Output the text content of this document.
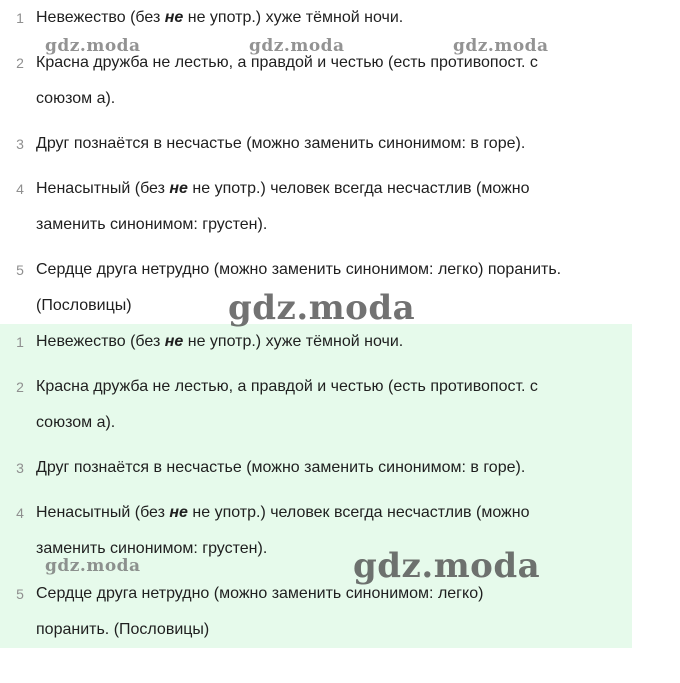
1 Невежество (без не не употр.) хуже тёмной ночи.
2 Красна дружба не лестью, а правдой и честью (есть противопост. с
союзом а).
3 Друг познаётся в несчастье (можно заменить синонимом: в горе).
4 Ненасытный (без не не употр.) человек всегда несчастлив (можно
заменить синонимом: грустен).
5 Сердце друга нетрудно (можно заменить синонимом: легко) поранить.
(Пословицы)
1 Невежество (без не не употр.) хуже тёмной ночи.
2 Красна дружба не лестью, а правдой и честью (есть противопост. с
союзом а).
3 Друг познаётся в несчастье (можно заменить синонимом: в горе).
4 Ненасытный (без не не употр.) человек всегда несчастлив (можно
заменить синонимом: грустен).
5 Сердце друга нетрудно (можно заменить синонимом: легко)
поранить. (Пословицы)
gdz.moda	gdz.moda	gdz.moda
gdz.moda
gdz.moda	gdz.moda
